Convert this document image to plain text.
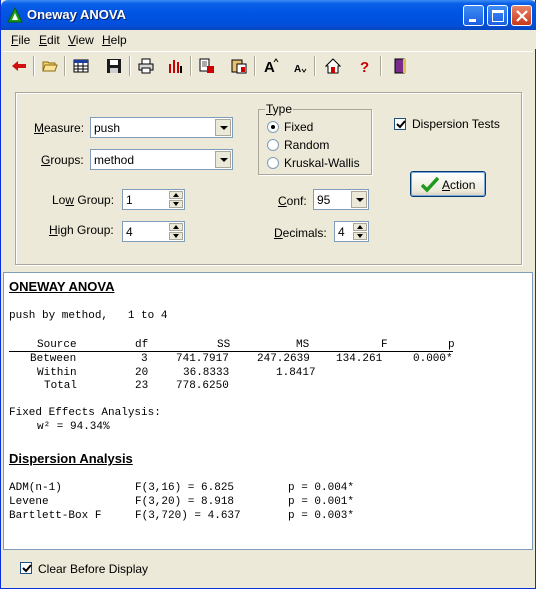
Oneway ANOVA
File Edit View Help
A A	?
Measure: push
Groups: method
Low Group: 1
High Group: 4
Type
Fixed
Random
Kruskal-Wallis
Conf: 95
Decimals: 4
Dispersion Tests
Action
ONEWAY ANOVA
push by method,   1 to 4
Source	df	SS	MS	F	p
Between	3	741.7917	247.2639 134.261	0.000*
Within	20	36.8333	1.8417
Total	23	778.6250
Fixed Effects Analysis:
w² = 94.34%
Dispersion Analysis
ADM(n-1)	F(3,16) = 6.825	p = 0.004*
Levene	F(3,20) = 8.918	p = 0.001*
Bartlett-Box F	F(3,720) = 4.637	p = 0.003*
Clear Before Display
